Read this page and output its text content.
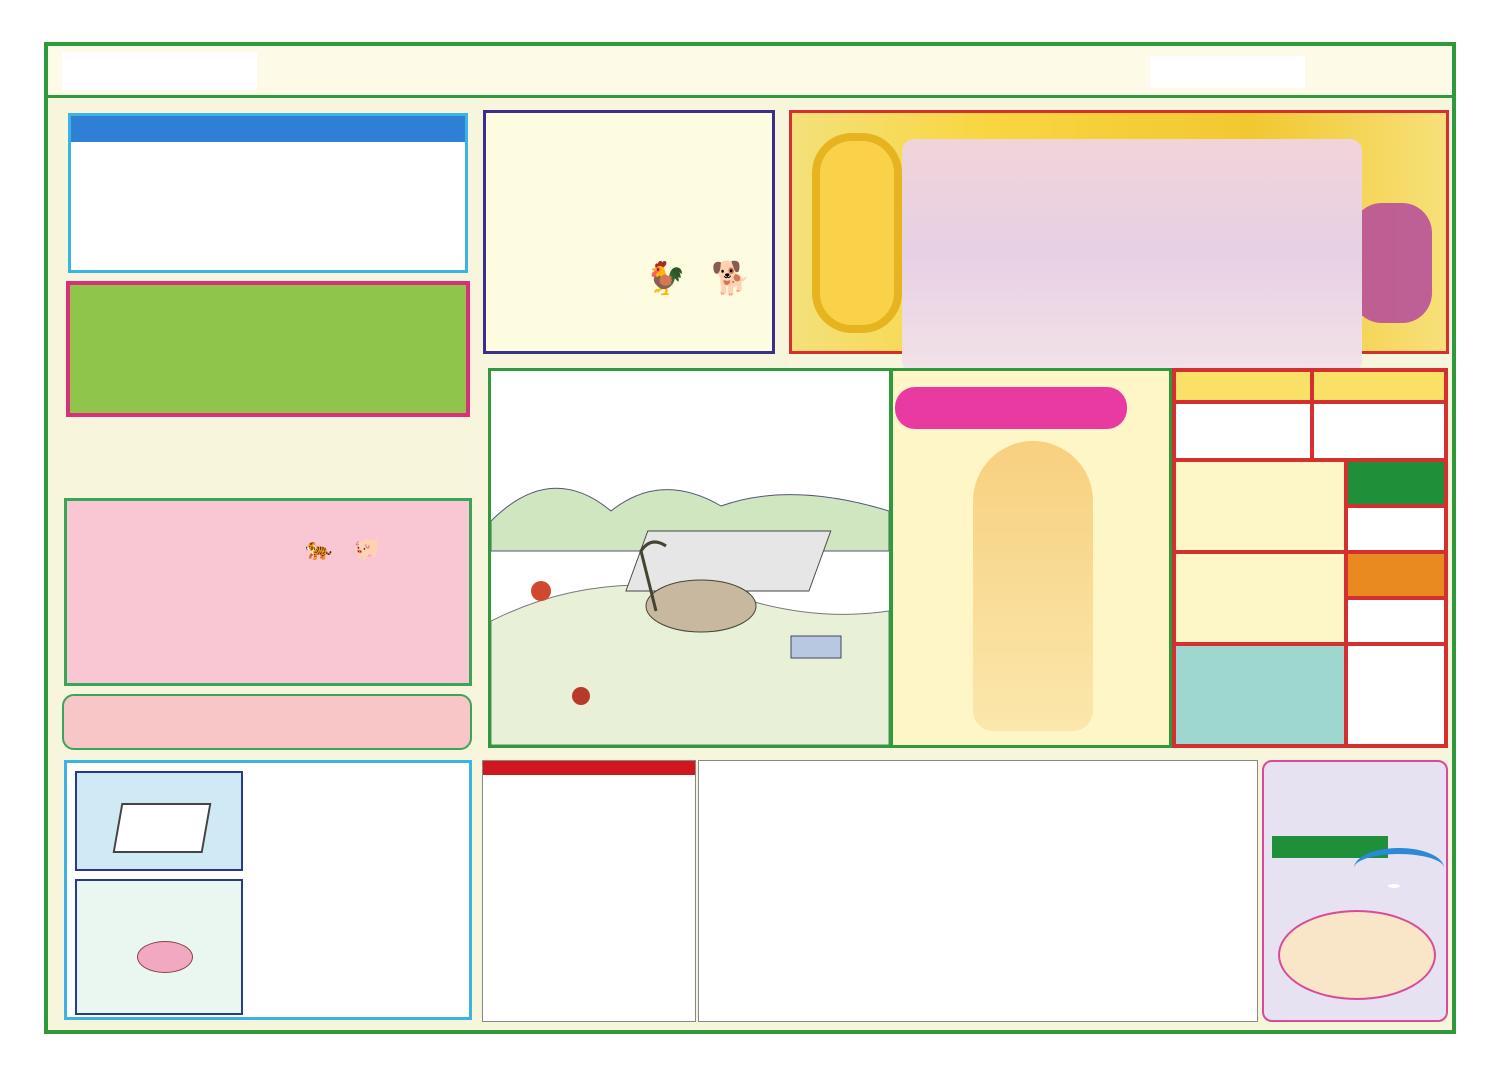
🐓 🐕
🐅 🐖
